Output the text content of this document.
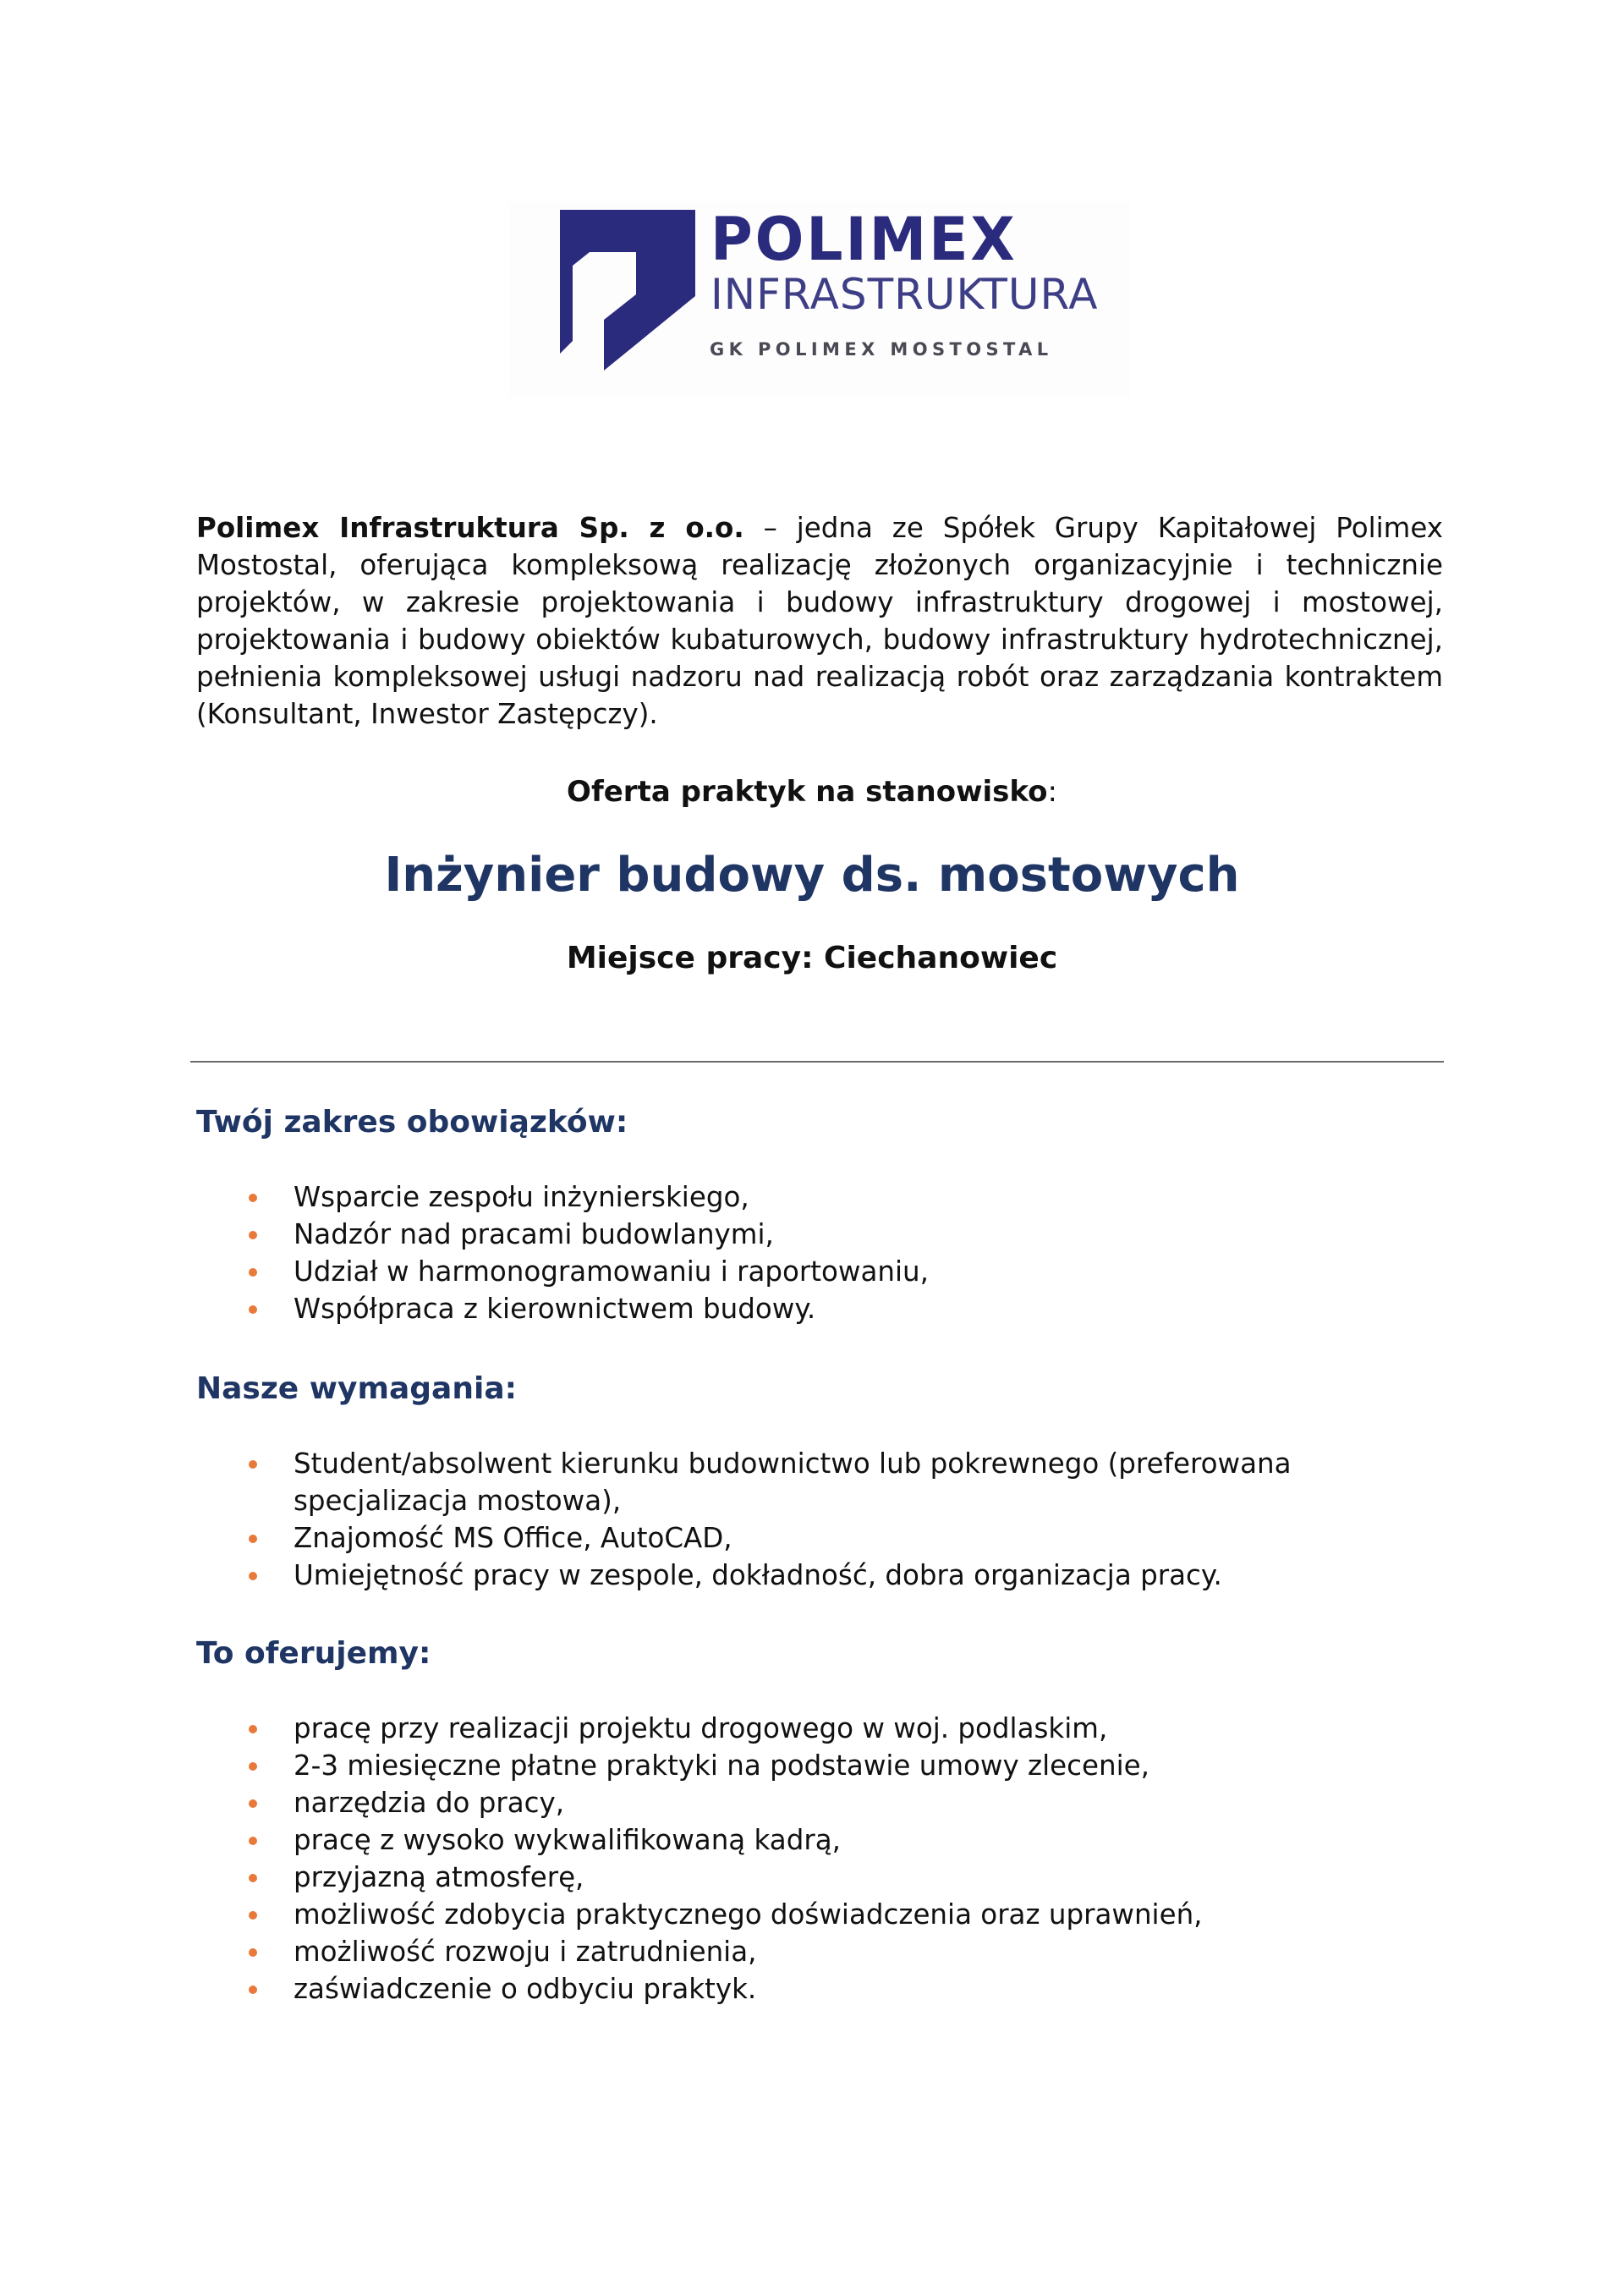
POLIMEX
INFRASTRUKTURA
GK POLIMEX MOSTOSTAL

Polimex Infrastruktura Sp. z o.o. – jedna ze Spółek Grupy Kapitałowej Polimex Mostostal, oferująca kompleksową realizację złożonych organizacyjnie i technicznie projektów, w zakresie projektowania i budowy infrastruktury drogowej i mostowej, projektowania i budowy obiektów kubaturowych, budowy infrastruktury hydrotechnicznej, pełnienia kompleksowej usługi nadzoru nad realizacją robót oraz zarządzania kontraktem (Konsultant, Inwestor Zastępczy).

Oferta praktyk na stanowisko:

Inżynier budowy ds. mostowych

Miejsce pracy: Ciechanowiec

Twój zakres obowiązków:
Wsparcie zespołu inżynierskiego,
Nadzór nad pracami budowlanymi,
Udział w harmonogramowaniu i raportowaniu,
Współpraca z kierownictwem budowy.
Nasze wymagania:
Student/absolwent kierunku budownictwo lub pokrewnego (preferowana specjalizacja mostowa),
Znajomość MS Office, AutoCAD,
Umiejętność pracy w zespole, dokładność, dobra organizacja pracy.
To oferujemy:
pracę przy realizacji projektu drogowego w woj. podlaskim,
2-3 miesięczne płatne praktyki na podstawie umowy zlecenie,
narzędzia do pracy,
pracę z wysoko wykwalifikowaną kadrą,
przyjazną atmosferę,
możliwość zdobycia praktycznego doświadczenia oraz uprawnień,
możliwość rozwoju i zatrudnienia,
zaświadczenie o odbyciu praktyk.
